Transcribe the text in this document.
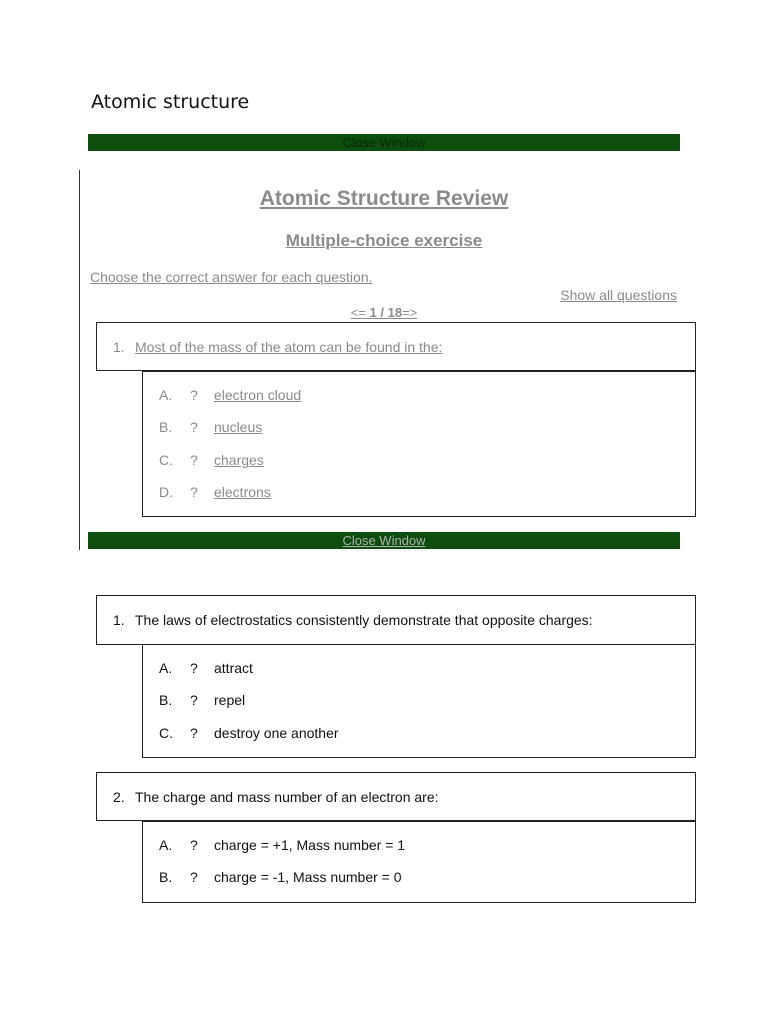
Atomic structure
Close Window
Atomic Structure Review
Multiple-choice exercise
Choose the correct answer for each question.
Show all questions
<= 1 / 18=>
1. Most of the mass of the atom can be found in the:
A. ? electron cloud
B. ? nucleus
C. ? charges
D. ? electrons
Close Window
1. The laws of electrostatics consistently demonstrate that opposite charges:
A. ? attract
B. ? repel
C. ? destroy one another
2. The charge and mass number of an electron are:
A. ? charge = +1, Mass number = 1
B. ? charge = -1, Mass number = 0
